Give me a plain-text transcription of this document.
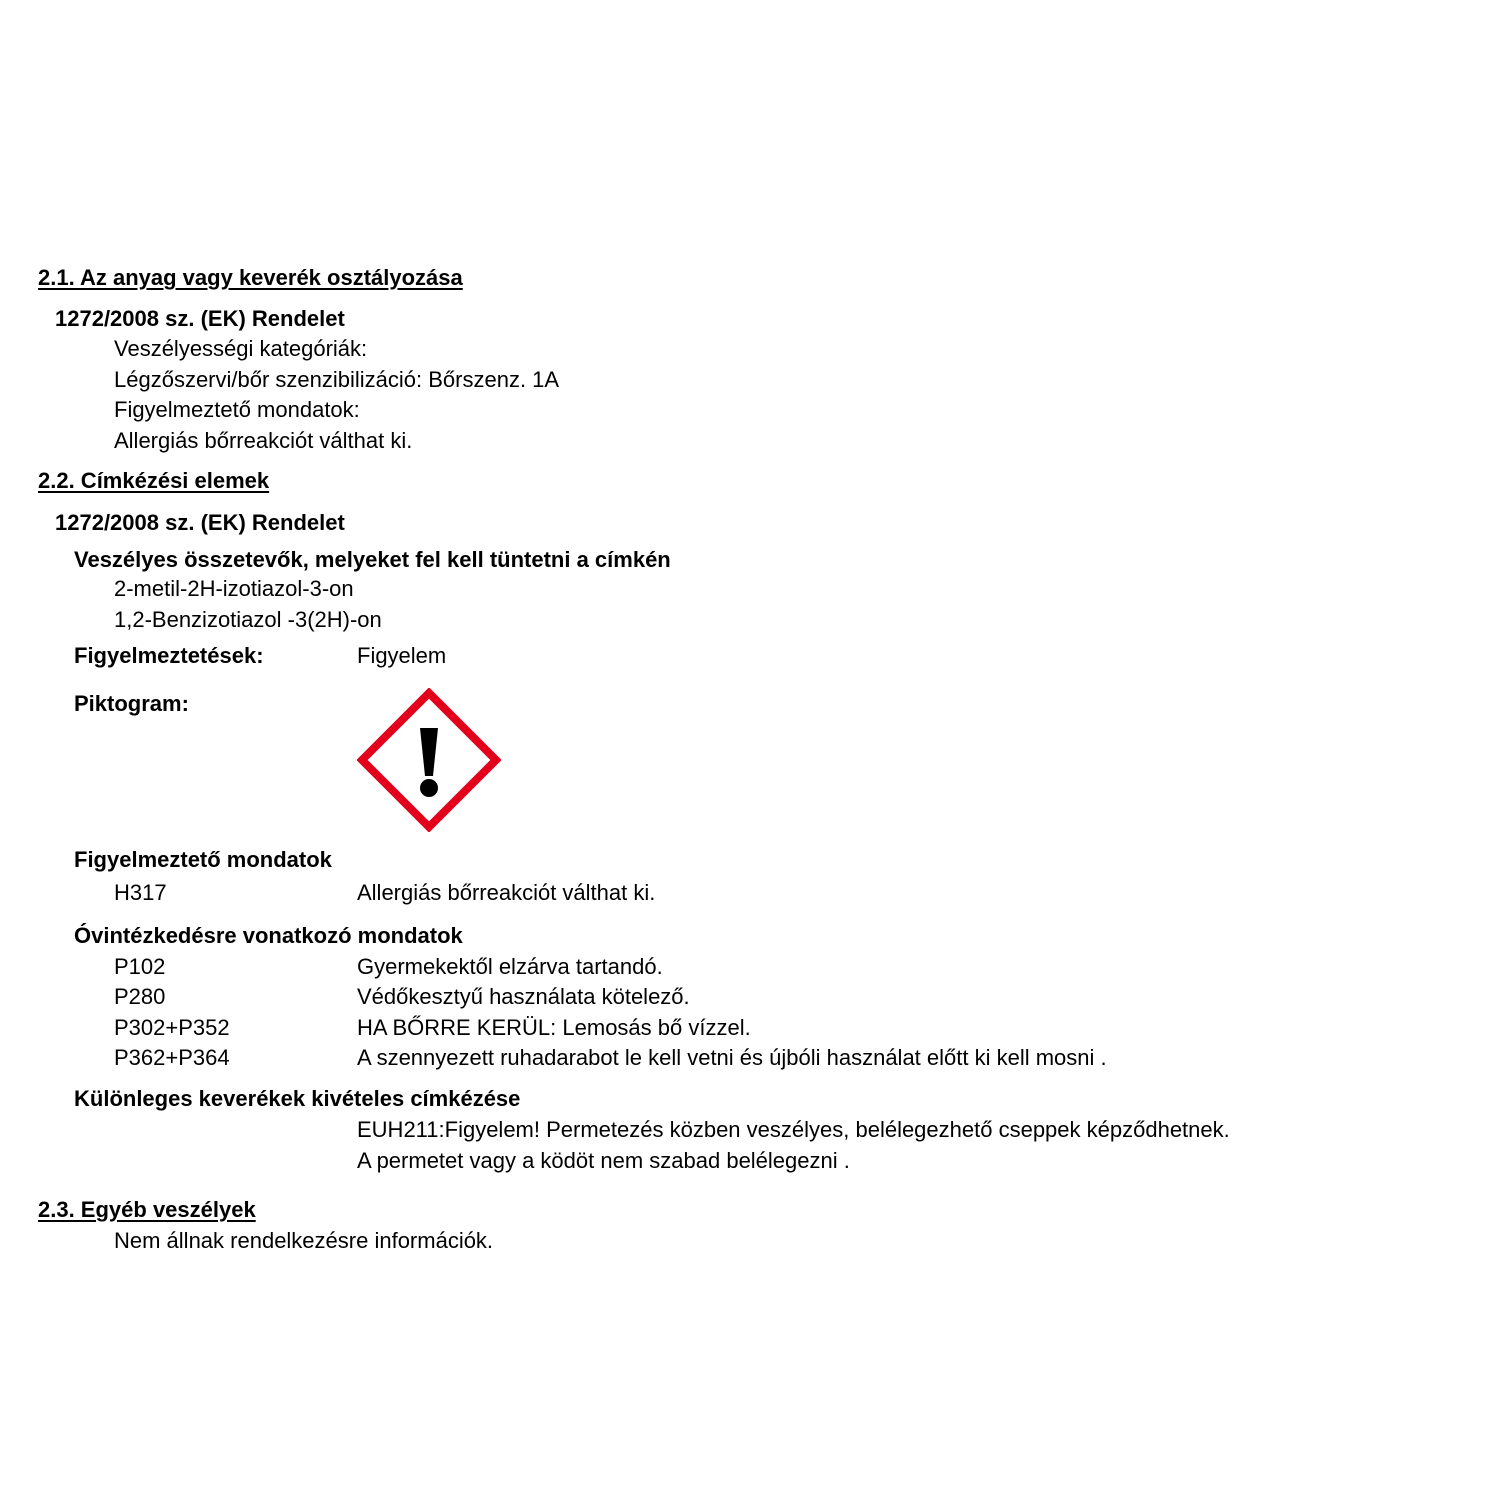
2.1. Az anyag vagy keverék osztályozása
1272/2008 sz. (EK) Rendelet
Veszélyességi kategóriák:
Légzőszervi/bőr szenzibilizáció: Bőrszenz. 1A
Figyelmeztető mondatok:
Allergiás bőrreakciót válthat ki.
2.2. Címkézési elemek
1272/2008 sz. (EK) Rendelet
Veszélyes összetevők, melyeket fel kell tüntetni a címkén
2-metil-2H-izotiazol-3-on
1,2-Benzizotiazol -3(2H)-on
Figyelmeztetések:	Figyelem
Piktogram:
Figyelmeztető mondatok
H317	Allergiás bőrreakciót válthat ki.
Óvintézkedésre vonatkozó mondatok
P102	Gyermekektől elzárva tartandó.
P280	Védőkesztyű használata kötelező.
P302+P352	HA BŐRRE KERÜL: Lemosás bő vízzel.
P362+P364	A szennyezett ruhadarabot le kell vetni és újbóli használat előtt ki kell mosni .
Különleges keverékek kivételes címkézése
EUH211:Figyelem! Permetezés közben veszélyes, belélegezhető cseppek képződhetnek.
A permetet vagy a ködöt nem szabad belélegezni .
2.3. Egyéb veszélyek
Nem állnak rendelkezésre információk.
